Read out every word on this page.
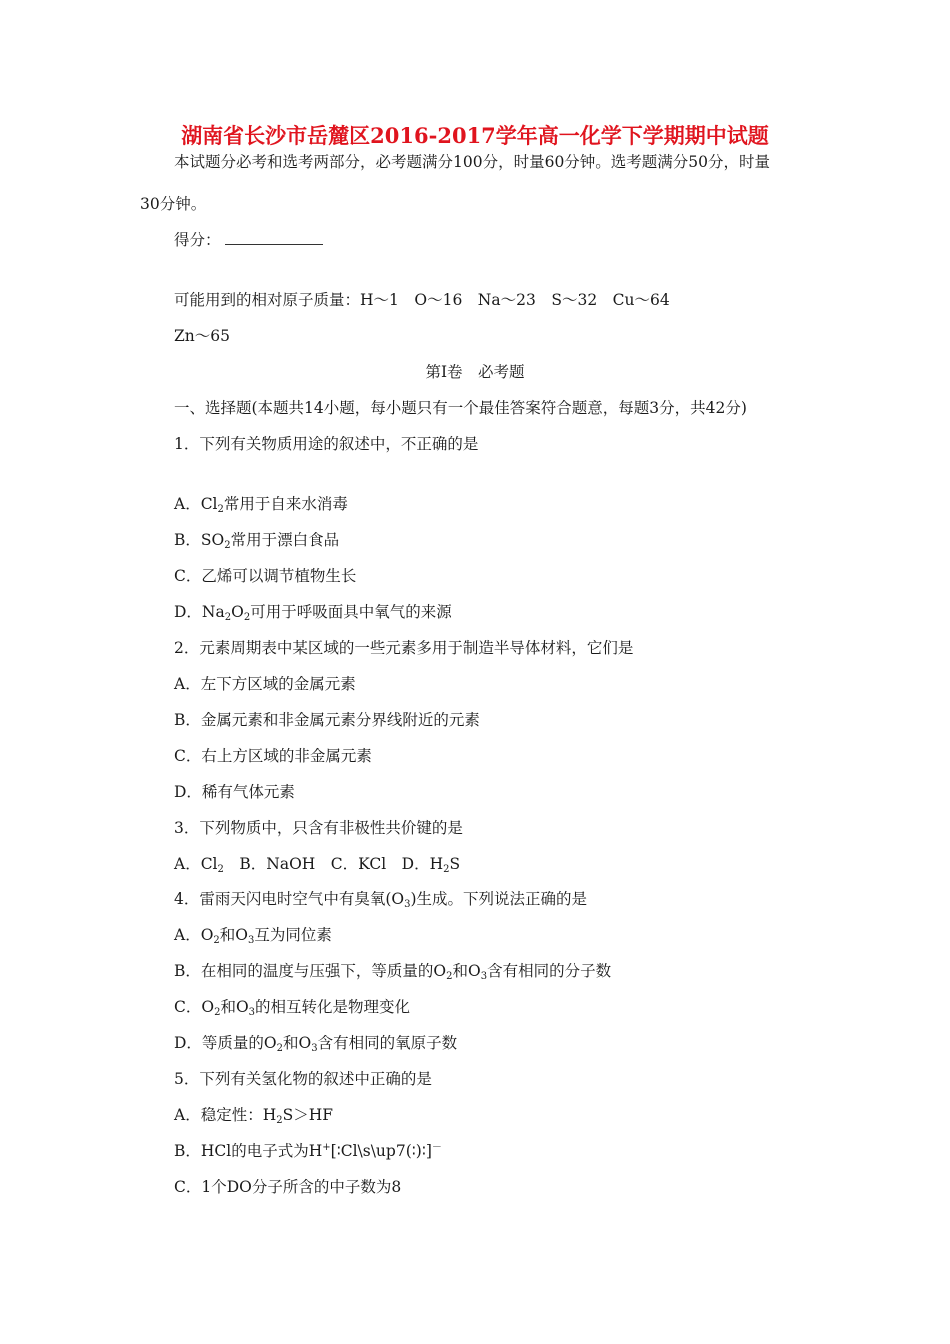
湖南省长沙市岳麓区2016-2017学年高一化学下学期期中试题
本试题分必考和选考两部分，必考题满分100分，时量60分钟。选考题满分50分，时量
30分钟。
得分：
可能用到的相对原子质量：H～1　O～16　Na～23　S～32　Cu～64
Zn～65
第Ⅰ卷　必考题
一、选择题(本题共14小题，每小题只有一个最佳答案符合题意，每题3分，共42分)
1．下列有关物质用途的叙述中，不正确的是
A．$Cl_2$常用于自来水消毒
B．$SO_2$常用于漂白食品
C．乙烯可以调节植物生长
D．$Na_2O_2$可用于呼吸面具中氧气的来源
2．元素周期表中某区域的一些元素多用于制造半导体材料，它们是
A．左下方区域的金属元素
B．金属元素和非金属元素分界线附近的元素
C．右上方区域的非金属元素
D．稀有气体元素
3．下列物质中，只含有非极性共价键的是
A．$Cl_2$　B．NaOH　C．KCl　D．$H_2S$
4．雷雨天闪电时空气中有臭氧$(O_3)$生成。下列说法正确的是
A．$O_2$和$O_3$互为同位素
B．在相同的温度与压强下，等质量的$O_2$和$O_3$含有相同的分子数
C．$O_2$和$O_3$的相互转化是物理变化
D．等质量的$O_2$和$O_3$含有相同的氧原子数
5．下列有关氢化物的叙述中正确的是
A．稳定性：$H_2S>HF$
B．HCl的电子式为H+[∶Cl\s\up7(∶)∶]－
C．1个DO分子所含的中子数为8
